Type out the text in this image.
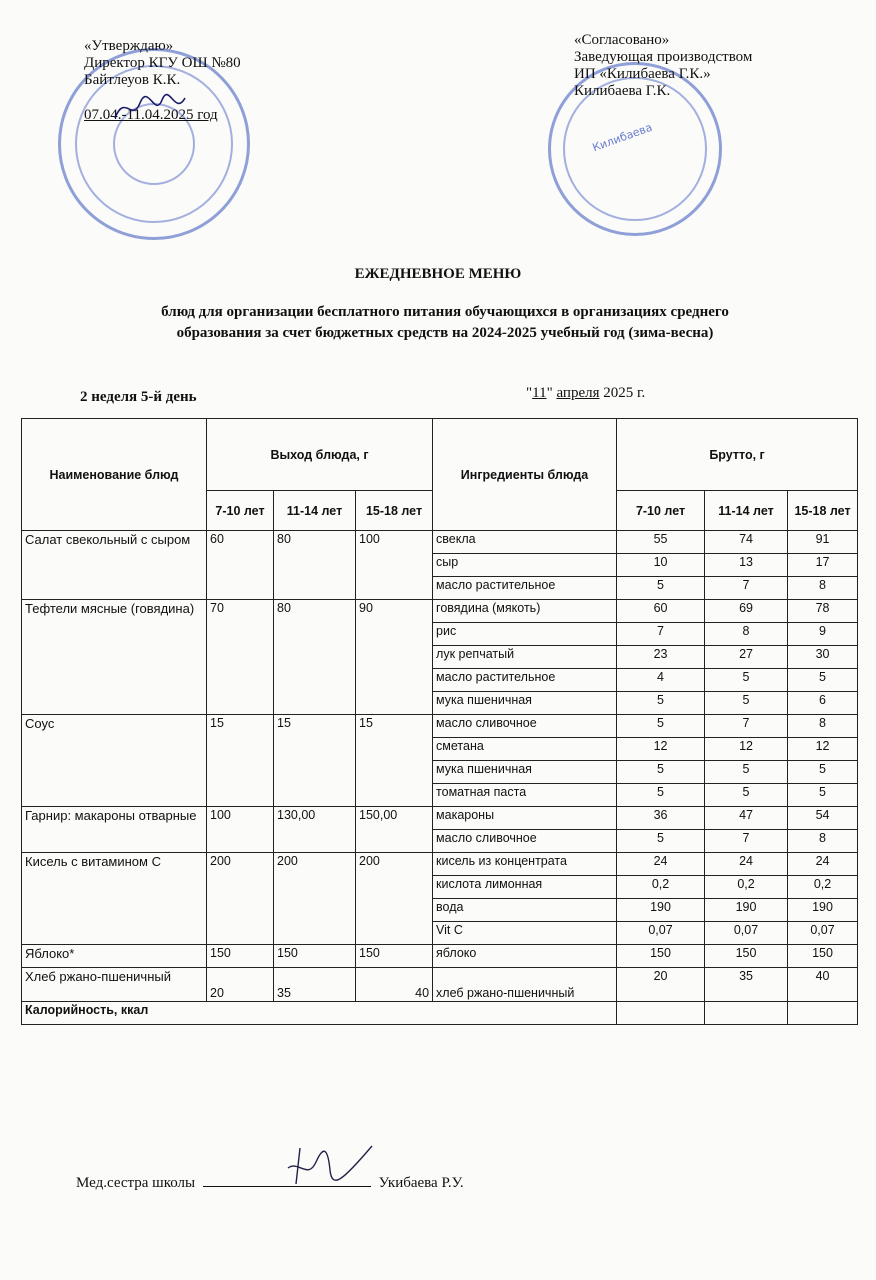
«Утверждаю»
Директор КГУ ОШ №80
Байтлеуов К.К.
07.04.-11.04.2025 год
Килибаева
«Согласовано»
Заведующая производством
ИП «Килибаева Г.К.»
Килибаева Г.К.
ЕЖЕДНЕВНОЕ МЕНЮ
блюд для организации бесплатного питания обучающихся в организациях среднего
образования за счет бюджетных средств на 2024-2025 учебный год (зима-весна)
2 неделя 5-й день	"11" апреля 2025 г.
Наименование блюд	Выход блюда, г			Ингредиенты блюда	Брутто, г		
	7-10 лет	11-14 лет	15-18 лет		7-10 лет	11-14 лет	15-18 лет
Салат свекольный с сыром	60	80	100	свекла	55	74	91
				сыр	10	13	17
				масло растительное	5	7	8
Тефтели мясные (говядина)	70	80	90	говядина (мякоть)	60	69	78
				рис	7	8	9
				лук репчатый	23	27	30
				масло растительное	4	5	5
				мука пшеничная	5	5	6
Соус	15	15	15	масло сливочное	5	7	8
				сметана	12	12	12
				мука пшеничная	5	5	5
				томатная паста	5	5	5
Гарнир: макароны отварные	100	130,00	150,00	макароны	36	47	54
				масло сливочное	5	7	8
Кисель с витамином С	200	200	200	кисель из концентрата	24	24	24
				кислота лимонная	0,2	0,2	0,2
				вода	190	190	190
				Vit C	0,07	0,07	0,07
Яблоко*	150	150	150	яблоко	150	150	150
Хлеб ржано-пшеничный	20	35	40	хлеб ржано-пшеничный	20	35	40
Калорийность, ккал							
Мед.сестра школы	Укибаева Р.У.
